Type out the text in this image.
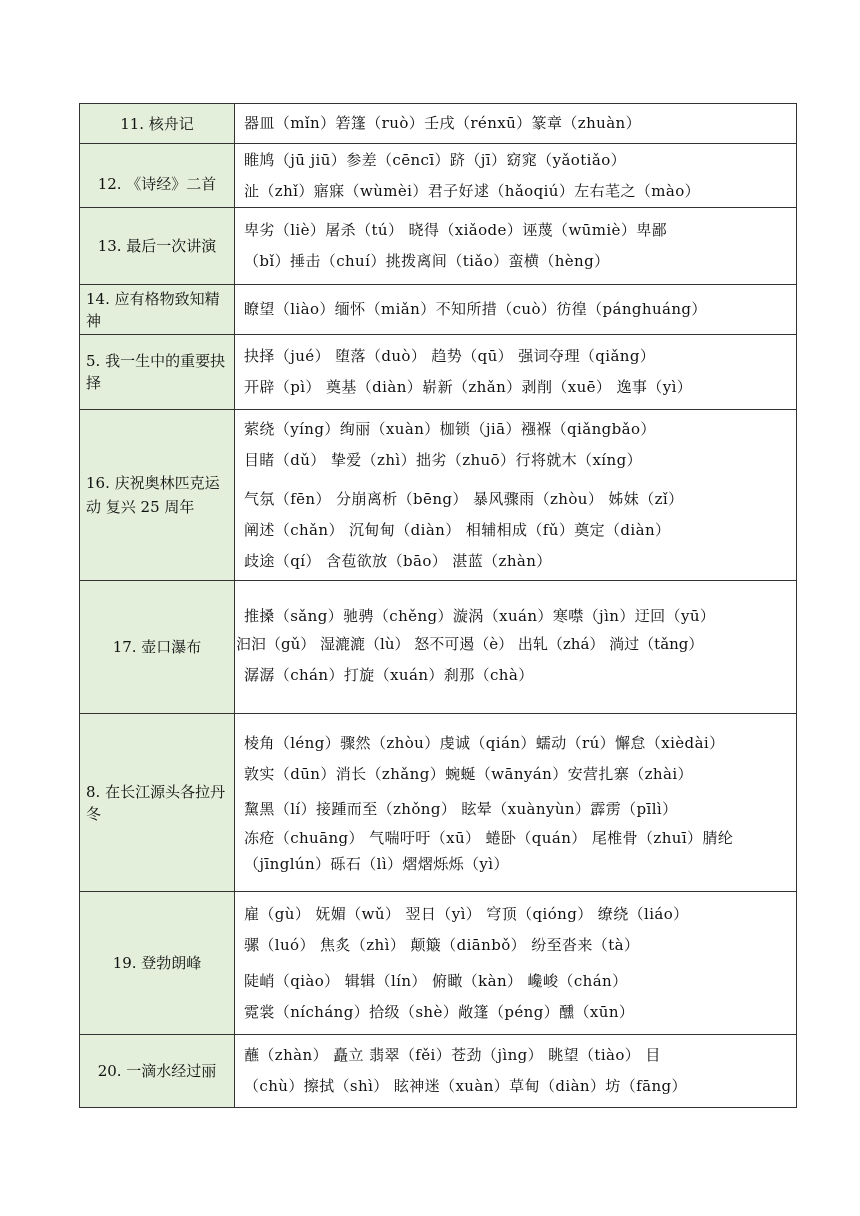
11. 核舟记	器皿（mǐn）箬篷（ruò）壬戌（rénxū）篆章（zhuàn）

12. 《诗经》二首	睢鸠（jū jiū）参差（cēncī）跻（jī）窈窕（yǎotiǎo）
沚（zhǐ）寤寐（wùmèi）君子好逑（hǎoqiú）左右芼之（mào）

13. 最后一次讲演	卑劣（liè）屠杀（tú） 晓得（xiǎode）诬蔑（wūmiè）卑鄙
（bǐ）捶击（chuí）挑拨离间（tiǎo）蛮横（hèng）

14. 应有格物致知精神	瞭望（liào）缅怀（miǎn）不知所措（cuò）彷徨（pánghuáng）

5. 我一生中的重要抉择	抉择（jué） 堕落（duò） 趋势（qū） 强词夺理（qiǎng）
开辟（pì） 奠基（diàn）崭新（zhǎn）剥削（xuē） 逸事（yì）

16. 庆祝奥林匹克运动 复兴 25 周年	萦绕（yíng）绚丽（xuàn）枷锁（jiā）襁褓（qiǎngbǎo）
目睹（dǔ） 挚爱（zhì）拙劣（zhuō）行将就木（xíng）
气氛（fēn） 分崩离析（bēng） 暴风骤雨（zhòu） 姊妹（zǐ）
阐述（chǎn） 沉甸甸（diàn） 相辅相成（fǔ）奠定（diàn）
歧途（qí） 含苞欲放（bāo） 湛蓝（zhàn）

17. 壶口瀑布	推搡（sǎng）驰骋（chěng）漩涡（xuán）寒噤（jìn）迂回（yū）
汩汩（gǔ） 湿漉漉（lù） 怒不可遏（è） 出轧（zhá） 淌过（tǎng）
潺潺（chán）打旋（xuán）刹那（chà）

8. 在长江源头各拉丹冬	棱角（léng）骤然（zhòu）虔诚（qián）蠕动（rú）懈怠（xièdài）
敦实（dūn）消长（zhǎng）蜿蜒（wānyán）安营扎寨（zhài）
黧黑（lí）接踵而至（zhǒng） 眩晕（xuànyùn）霹雳（pīlì）
冻疮（chuāng） 气喘吁吁（xū） 蜷卧（quán） 尾椎骨（zhuī）腈纶（jīnglún）砾石（lì）熠熠烁烁（yì）

19. 登勃朗峰	雇（gù） 妩媚（wǔ） 翌日（yì） 穹顶（qióng） 缭绕（liáo）
骡（luó） 焦炙（zhì） 颠簸（diānbǒ） 纷至沓来（tà）
陡峭（qiào） 辑辑（lín） 俯瞰（kàn） 巉峻（chán）
霓裳（nícháng）拾级（shè）敞篷（péng）醺（xūn）

20. 一滴水经过丽	蘸（zhàn） 矗立 翡翠（fěi）苍劲（jìng） 眺望（tiào） 目
（chù）擦拭（shì） 眩神迷（xuàn）草甸（diàn）坊（fāng）
